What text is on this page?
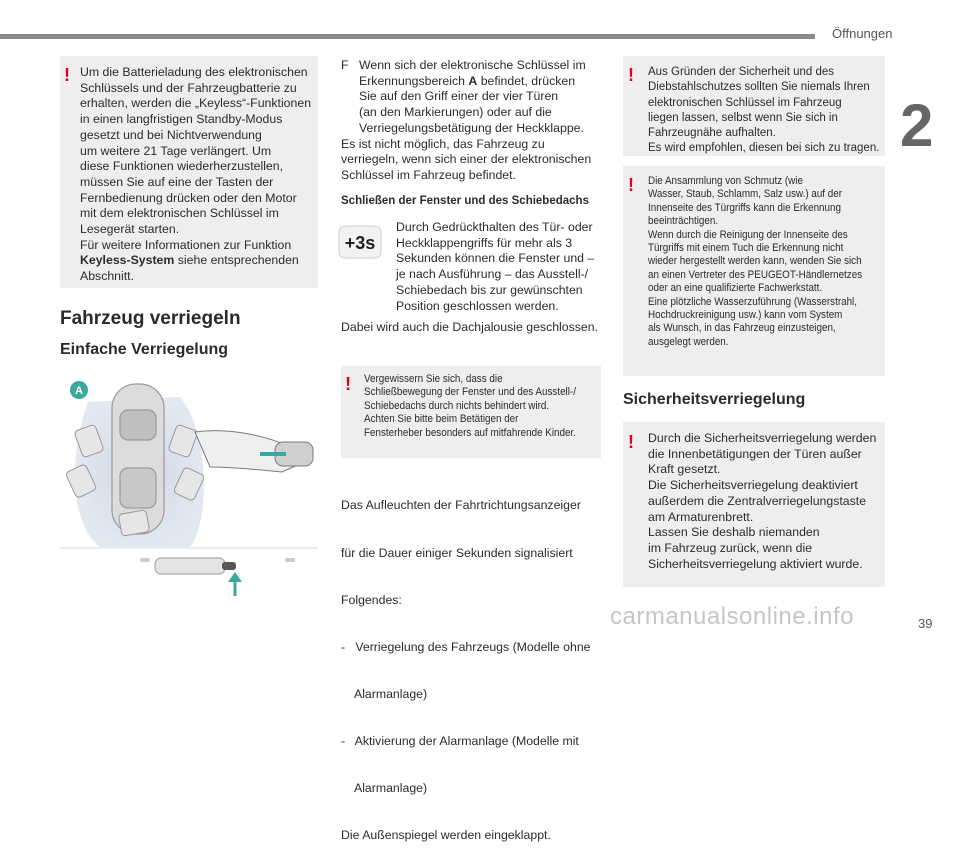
Öffnungen
2
39
carmanualsonline.info
! Um die Batterieladung des elektronischen
Schlüssels und der Fahrzeugbatterie zu
erhalten, werden die „Keyless“-Funktionen
in einen langfristigen Standby-Modus
gesetzt und bei Nichtverwendung
um weitere 21 Tage verlängert. Um
diese Funktionen wiederherzustellen,
müssen Sie auf eine der Tasten der
Fernbedienung drücken oder den Motor
mit dem elektronischen Schlüssel im
Lesegerät starten.
Für weitere Informationen zur Funktion
Keyless-System siehe entsprechenden
Abschnitt.
Fahrzeug verriegeln
Einfache Verriegelung
A
F Wenn sich der elektronische Schlüssel im
Erkennungsbereich A befindet, drücken
Sie auf den Griff einer der vier Türen
(an den Markierungen) oder auf die
Verriegelungsbetätigung der Heckklappe.
Es ist nicht möglich, das Fahrzeug zu
verriegeln, wenn sich einer der elektronischen
Schlüssel im Fahrzeug befindet.
Schließen der Fenster und des Schiebedachs
+3s
Durch Gedrückthalten des Tür- oder
Heckklappengriffs für mehr als 3
Sekunden können die Fenster und –
je nach Ausführung – das Ausstell-/
Schiebedach bis zur gewünschten
Position geschlossen werden.
Dabei wird auch die Dachjalousie geschlossen.
! Vergewissern Sie sich, dass die
Schließbewegung der Fenster und des Ausstell-/
Schiebedachs durch nichts behindert wird.
Achten Sie bitte beim Betätigen der
Fensterheber besonders auf mitfahrende Kinder.

Das Aufleuchten der Fahrtrichtungsanzeiger

für die Dauer einiger Sekunden signalisiert

Folgendes:

-   Verriegelung des Fahrzeugs (Modelle ohne

Alarmanlage)

-   Aktivierung der Alarmanlage (Modelle mit

Alarmanlage)

Die Außenspiegel werden eingeklappt.

! Aus Gründen der Sicherheit und des
Diebstahlschutzes sollten Sie niemals Ihren
elektronischen Schlüssel im Fahrzeug
liegen lassen, selbst wenn Sie sich in
Fahrzeugnähe aufhalten.
Es wird empfohlen, diesen bei sich zu tragen.
! Die Ansammlung von Schmutz (wie
Wasser, Staub, Schlamm, Salz usw.) auf der
Innenseite des Türgriffs kann die Erkennung
beeinträchtigen.
Wenn durch die Reinigung der Innenseite des
Türgriffs mit einem Tuch die Erkennung nicht
wieder hergestellt werden kann, wenden Sie sich
an einen Vertreter des PEUGEOT-Händlernetzes
oder an eine qualifizierte Fachwerkstatt.
Eine plötzliche Wasserzuführung (Wasserstrahl,
Hochdruckreinigung usw.) kann vom System
als Wunsch, in das Fahrzeug einzusteigen,
ausgelegt werden.
Sicherheitsverriegelung
! Durch die Sicherheitsverriegelung werden
die Innenbetätigungen der Türen außer
Kraft gesetzt.
Die Sicherheitsverriegelung deaktiviert
außerdem die Zentralverriegelungstaste
am Armaturenbrett.
Lassen Sie deshalb niemanden
im Fahrzeug zurück, wenn die
Sicherheitsverriegelung aktiviert wurde.
